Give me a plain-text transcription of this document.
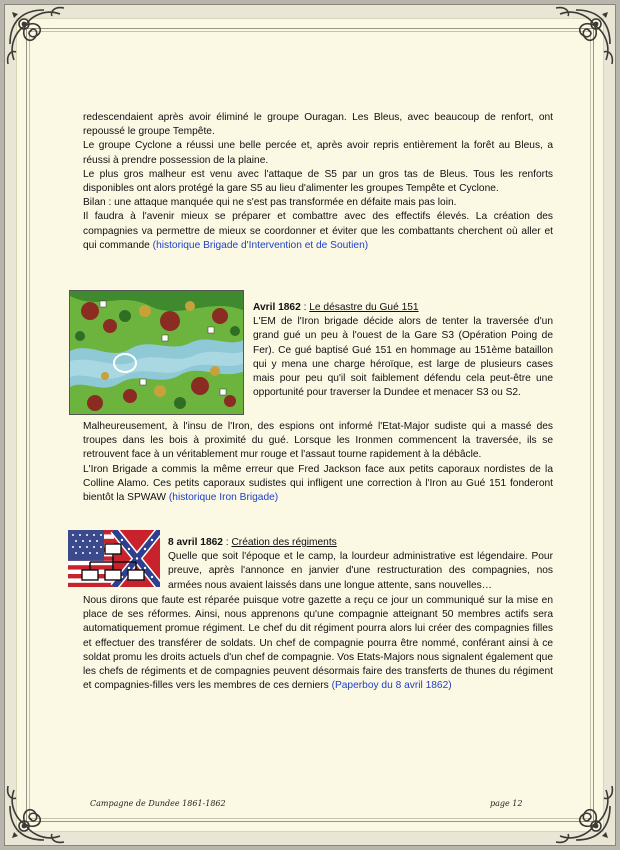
redescendaient après avoir éliminé le groupe Ouragan. Les Bleus, avec beaucoup de renfort, ont repoussé le groupe Tempête.

Le groupe Cyclone a réussi une belle percée et, après avoir repris entièrement la forêt au Bleus, a réussi à prendre possession de la plaine.

Le plus gros malheur est venu avec l'attaque de S5 par un gros tas de Bleus. Tous les renforts disponibles ont alors protégé la gare S5 au lieu d'alimenter les groupes Tempête et Cyclone.

Bilan : une attaque manquée qui ne s'est pas transformée en défaite mais pas loin.

Il faudra à l'avenir mieux se préparer et combattre avec des effectifs élevés. La création des compagnies va permettre de mieux se coordonner et éviter que les combattants cherchent où aller et qui commande (historique Brigade d'Intervention et de Soutien)

Avril 1862 : Le désastre du Gué 151

L'EM de l'Iron brigade décide alors de tenter la traversée d'un grand gué un peu à l'ouest de la Gare S3 (Opération Poing de Fer). Ce gué baptisé Gué 151 en hommage au 151ème bataillon qui y mena une charge héroïque, est large de plusieurs cases mais pour peu qu'il soit faiblement défendu cela peut-être une opportunité pour traverser la Dundee et menacer S3 ou S2.

Malheureusement, à l'insu de l'Iron, des espions ont informé l'Etat-Major sudiste qui a massé des troupes dans les bois à proximité du gué. Lorsque les Ironmen commencent la traversée, ils se retrouvent face à un véritablement mur rouge et l'assaut tourne rapidement à la débâcle.

L'Iron Brigade a commis la même erreur que Fred Jackson face aux petits caporaux nordistes de la Colline Alamo. Ces petits caporaux sudistes qui infligent une correction à l'Iron au Gué 151 fonderont bientôt la SPWAW (historique Iron Brigade)

8 avril 1862 : Création des régiments

Quelle que soit l'époque et le camp, la lourdeur administrative est légendaire. Pour preuve, après l'annonce en janvier d'une restructuration des compagnies, nos armées nous avaient laissés dans une longue attente, sans nouvelles…

Nous dirons que faute est réparée puisque votre gazette a reçu ce jour un communiqué sur la mise en place de ses réformes. Ainsi, nous apprenons qu'une compagnie atteignant 50 membres actifs sera automatiquement promue régiment. Le chef du dit régiment pourra alors lui créer des compagnies filles et effectuer des transférer de soldats. Un chef de compagnie pourra être nommé, conférant ainsi à ce soldat promu les droits actuels d'un chef de compagnie. Vos Etats-Majors nous signalent également que les chefs de régiments et de compagnies peuvent désormais faire des transferts de thunes du régiment et compagnies-filles vers les membres de ces derniers (Paperboy du 8 avril 1862)

Campagne de Dundee 1861-1862	page 12
